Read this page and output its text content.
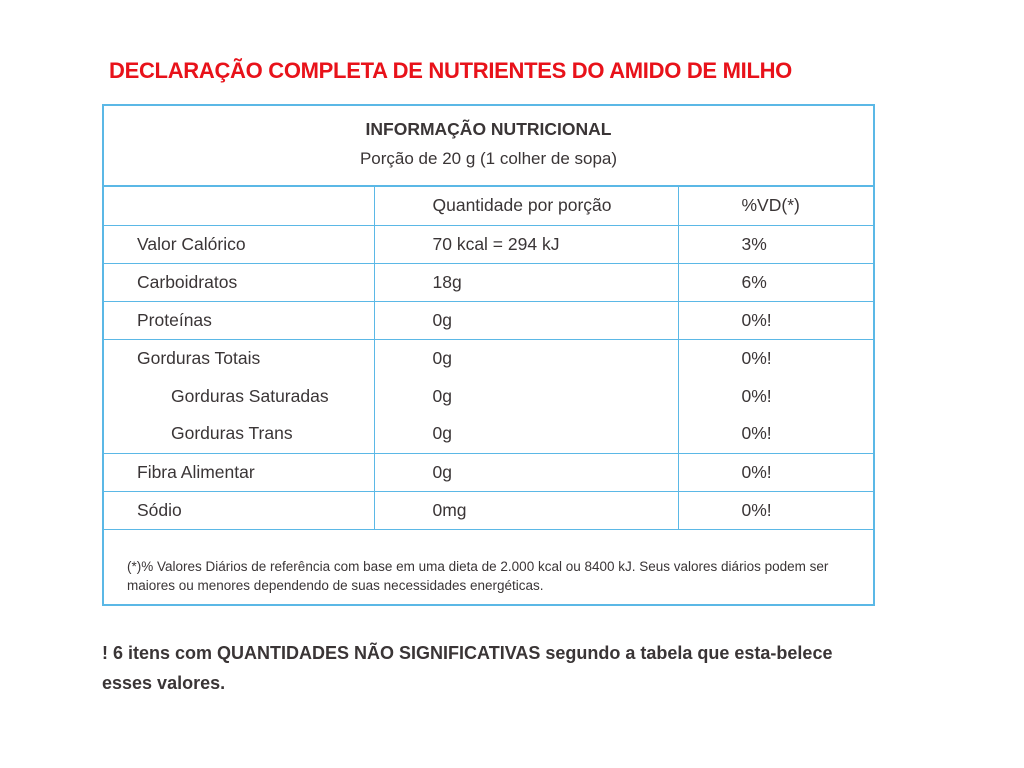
DECLARAÇÃO COMPLETA DE NUTRIENTES DO AMIDO DE MILHO
INFORMAÇÃO NUTRICIONAL
Porção de 20 g (1 colher de sopa)
	Quantidade por porção	%VD(*)
Valor Calórico	70 kcal = 294 kJ	3%
Carboidratos	18g	6%
Proteínas	0g	0%!
Gorduras Totais	0g	0%!
Gorduras Saturadas	0g	0%!
Gorduras Trans	0g	0%!
Fibra Alimentar	0g	0%!
Sódio	0mg	0%!
(*)% Valores Diários de referência com base em uma dieta de 2.000 kcal ou 8400 kJ. Seus valores diários podem ser maiores ou menores dependendo de suas necessidades energéticas.
! 6 itens com QUANTIDADES NÃO SIGNIFICATIVAS segundo a tabela que esta-belece esses valores.
